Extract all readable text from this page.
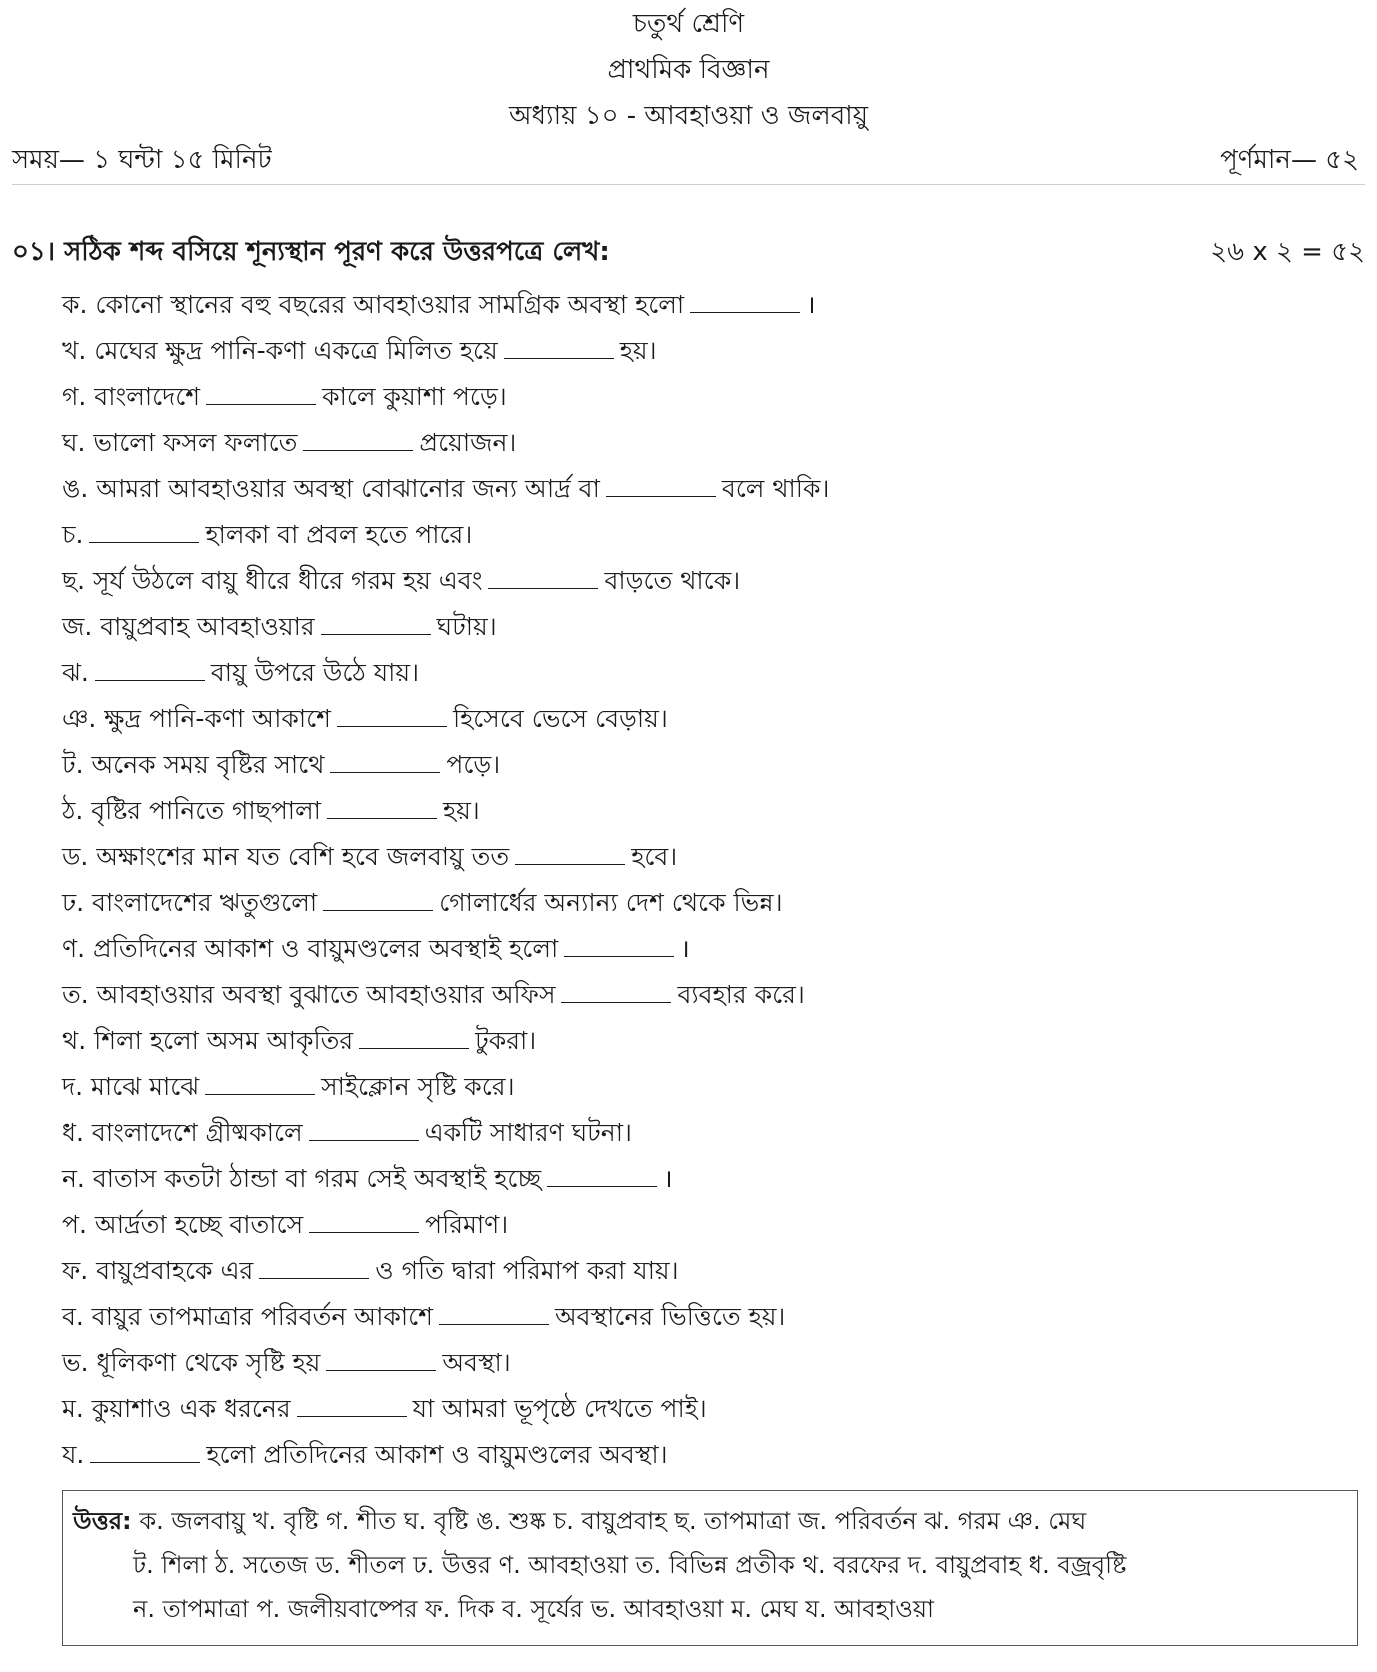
চতুর্থ শ্রেণি
প্রাথমিক বিজ্ঞান
অধ্যায় ১০ - আবহাওয়া ও জলবায়ু
সময়— ১ ঘন্টা ১৫ মিনিট	পূর্ণমান— ৫২
০১। সঠিক শব্দ বসিয়ে শূন্যস্থান পূরণ করে উত্তরপত্রে লেখ:	২৬ x ২ = ৫২
ক. কোনো স্থানের বহু বছরের আবহাওয়ার সামগ্রিক অবস্থা হলো	।
খ. মেঘের ক্ষুদ্র পানি-কণা একত্রে মিলিত হয়ে	হয়।
গ. বাংলাদেশে	কালে কুয়াশা পড়ে।
ঘ. ভালো ফসল ফলাতে	প্রয়োজন।
ঙ. আমরা আবহাওয়ার অবস্থা বোঝানোর জন্য আর্দ্র বা	বলে থাকি।
চ.	হালকা বা প্রবল হতে পারে।
ছ. সূর্য উঠলে বায়ু ধীরে ধীরে গরম হয় এবং	বাড়তে থাকে।
জ. বায়ুপ্রবাহ আবহাওয়ার	ঘটায়।
ঝ.	বায়ু উপরে উঠে যায়।
ঞ. ক্ষুদ্র পানি-কণা আকাশে	হিসেবে ভেসে বেড়ায়।
ট. অনেক সময় বৃষ্টির সাথে	পড়ে।
ঠ. বৃষ্টির পানিতে গাছপালা	হয়।
ড. অক্ষাংশের মান যত বেশি হবে জলবায়ু তত	হবে।
ঢ. বাংলাদেশের ঋতুগুলো	গোলার্ধের অন্যান্য দেশ থেকে ভিন্ন।
ণ. প্রতিদিনের আকাশ ও বায়ুমণ্ডলের অবস্থাই হলো	।
ত. আবহাওয়ার অবস্থা বুঝাতে আবহাওয়ার অফিস	ব্যবহার করে।
থ. শিলা হলো অসম আকৃতির	টুকরা।
দ. মাঝে মাঝে	সাইক্লোন সৃষ্টি করে।
ধ. বাংলাদেশে গ্রীষ্মকালে	একটি সাধারণ ঘটনা।
ন. বাতাস কতটা ঠান্ডা বা গরম সেই অবস্থাই হচ্ছে	।
প. আর্দ্রতা হচ্ছে বাতাসে	পরিমাণ।
ফ. বায়ুপ্রবাহকে এর	ও গতি দ্বারা পরিমাপ করা যায়।
ব. বায়ুর তাপমাত্রার পরিবর্তন আকাশে	অবস্থানের ভিত্তিতে হয়।
ভ. ধূলিকণা থেকে সৃষ্টি হয়	অবস্থা।
ম. কুয়াশাও এক ধরনের	যা আমরা ভূপৃষ্ঠে দেখতে পাই।
য.	হলো প্রতিদিনের আকাশ ও বায়ুমণ্ডলের অবস্থা।
উত্তর: ক. জলবায়ু খ. বৃষ্টি গ. শীত ঘ. বৃষ্টি ঙ. শুষ্ক চ. বায়ুপ্রবাহ ছ. তাপমাত্রা জ. পরিবর্তন ঝ. গরম ঞ. মেঘ
ট. শিলা ঠ. সতেজ ড. শীতল ঢ. উত্তর ণ. আবহাওয়া ত. বিভিন্ন প্রতীক থ. বরফের দ. বায়ুপ্রবাহ ধ. বজ্রবৃষ্টি
ন. তাপমাত্রা প. জলীয়বাষ্পের ফ. দিক ব. সূর্যের ভ. আবহাওয়া ম. মেঘ য. আবহাওয়া
